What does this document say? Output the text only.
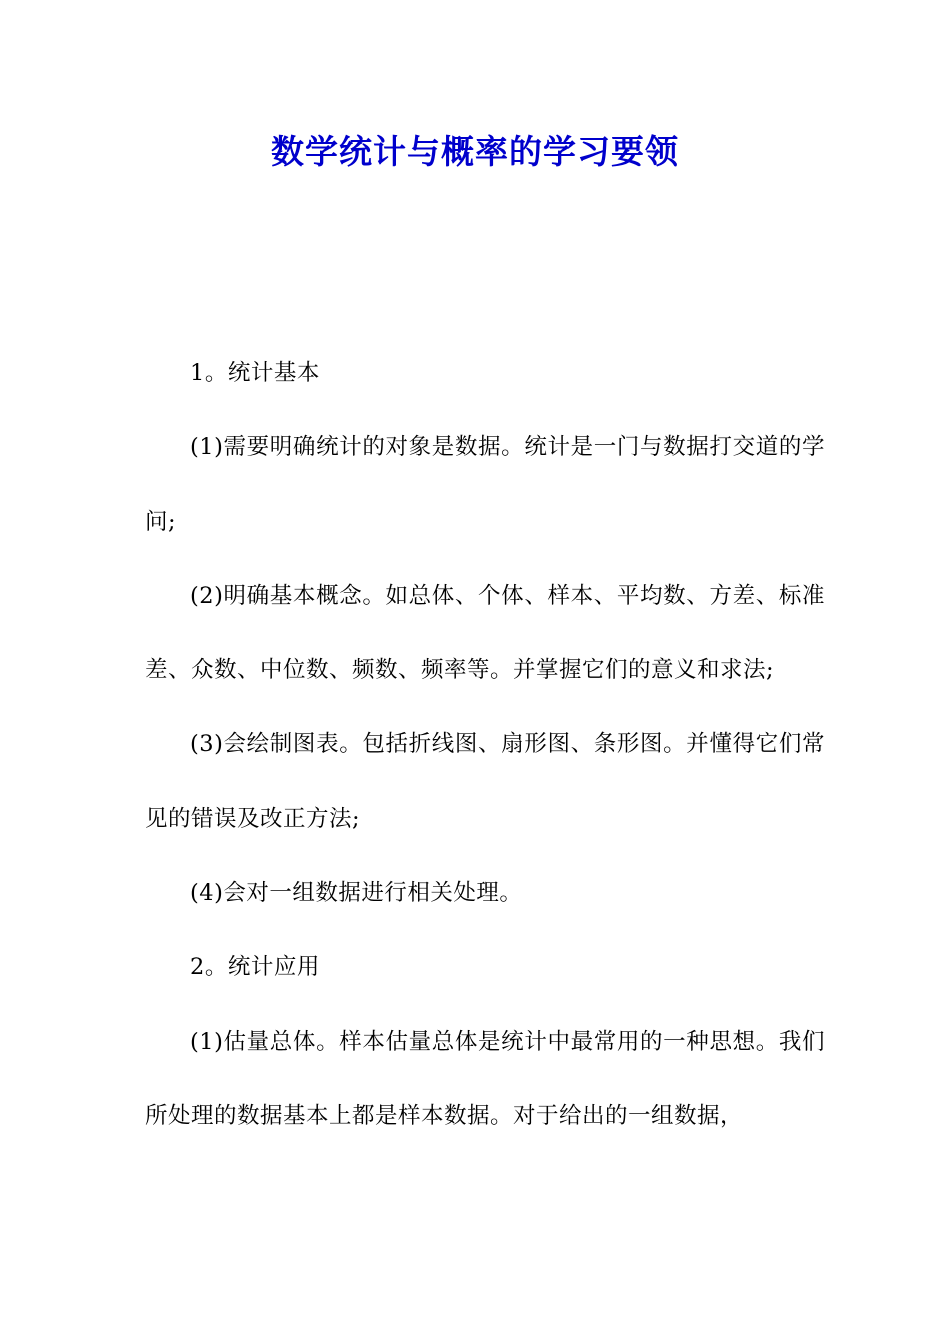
数学统计与概率的学习要领

1。统计基本

(1)需要明确统计的对象是数据。统计是一门与数据打交道的学问;

(2)明确基本概念。如总体、个体、样本、平均数、方差、标准差、众数、中位数、频数、频率等。并掌握它们的意义和求法;

(3)会绘制图表。包括折线图、扇形图、条形图。并懂得它们常见的错误及改正方法;

(4)会对一组数据进行相关处理。

2。统计应用

(1)估量总体。样本估量总体是统计中最常用的一种思想。我们所处理的数据基本上都是样本数据。对于给出的一组数据，
